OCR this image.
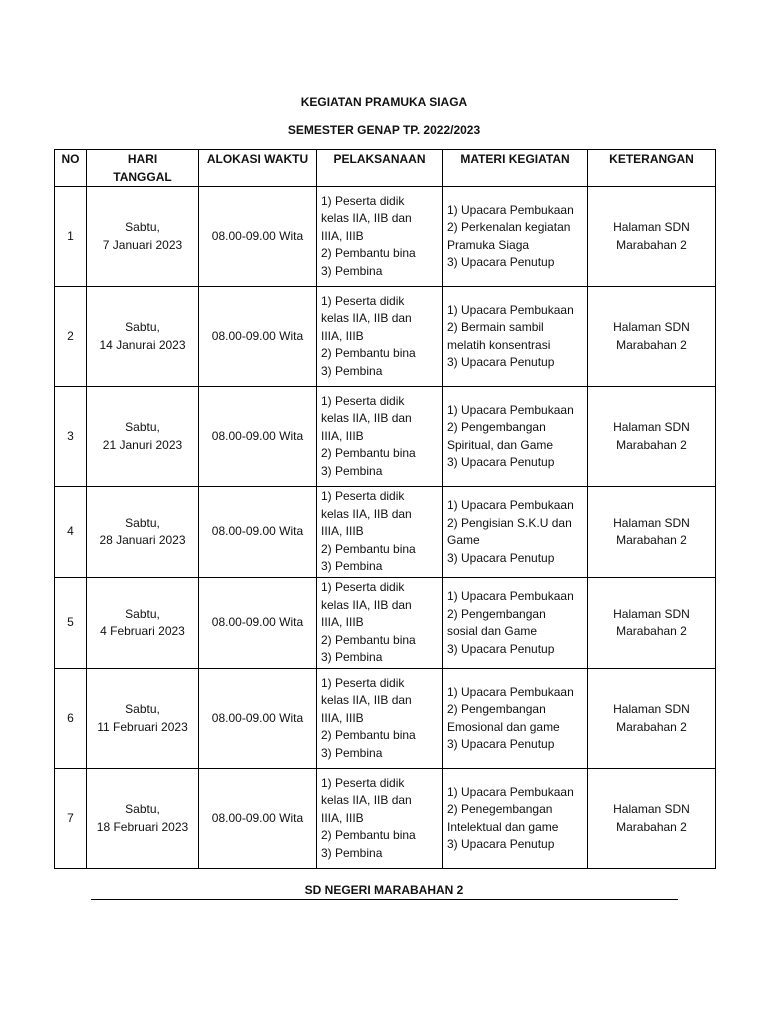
KEGIATAN PRAMUKA SIAGA
SEMESTER GENAP TP. 2022/2023
NO	HARI
TANGGAL	ALOKASI WAKTU	PELAKSANAAN	MATERI KEGIATAN	KETERANGAN
1	Sabtu,
7 Januari 2023	08.00-09.00 Wita	1) Peserta didik
kelas IIA, IIB dan
IIIA, IIIB
2) Pembantu bina
3) Pembina	1) Upacara Pembukaan
2) Perkenalan kegiatan
Pramuka Siaga
3) Upacara Penutup	Halaman SDN
Marabahan 2

2	Sabtu,
14 Janurai 2023	08.00-09.00 Wita	1) Peserta didik
kelas IIA, IIB dan
IIIA, IIIB
2) Pembantu bina
3) Pembina	1) Upacara Pembukaan
2) Bermain sambil
melatih konsentrasi
3) Upacara Penutup	Halaman SDN
Marabahan 2

3	Sabtu,
21 Januri 2023	08.00-09.00 Wita	1) Peserta didik
kelas IIA, IIB dan
IIIA, IIIB
2) Pembantu bina
3) Pembina	1) Upacara Pembukaan
2) Pengembangan
Spiritual, dan Game
3) Upacara Penutup	Halaman SDN
Marabahan 2

4	Sabtu,
28 Januari 2023	08.00-09.00 Wita	1) Peserta didik
kelas IIA, IIB dan
IIIA, IIIB
2) Pembantu bina
3) Pembina	1) Upacara Pembukaan
2) Pengisian S.K.U dan
Game
3) Upacara Penutup	Halaman SDN
Marabahan 2

5	Sabtu,
4 Februari 2023	08.00-09.00 Wita	1) Peserta didik
kelas IIA, IIB dan
IIIA, IIIB
2) Pembantu bina
3) Pembina	1) Upacara Pembukaan
2) Pengembangan
sosial dan Game
3) Upacara Penutup	Halaman SDN
Marabahan 2

6	Sabtu,
11 Februari 2023	08.00-09.00 Wita	1) Peserta didik
kelas IIA, IIB dan
IIIA, IIIB
2) Pembantu bina
3) Pembina	1) Upacara Pembukaan
2) Pengembangan
Emosional dan game
3) Upacara Penutup	Halaman SDN
Marabahan 2

7	Sabtu,
18 Februari 2023	08.00-09.00 Wita	1) Peserta didik
kelas IIA, IIB dan
IIIA, IIIB
2) Pembantu bina
3) Pembina	1) Upacara Pembukaan
2) Penegembangan
Intelektual dan game
3) Upacara Penutup	Halaman SDN
Marabahan 2
SD NEGERI MARABAHAN 2
